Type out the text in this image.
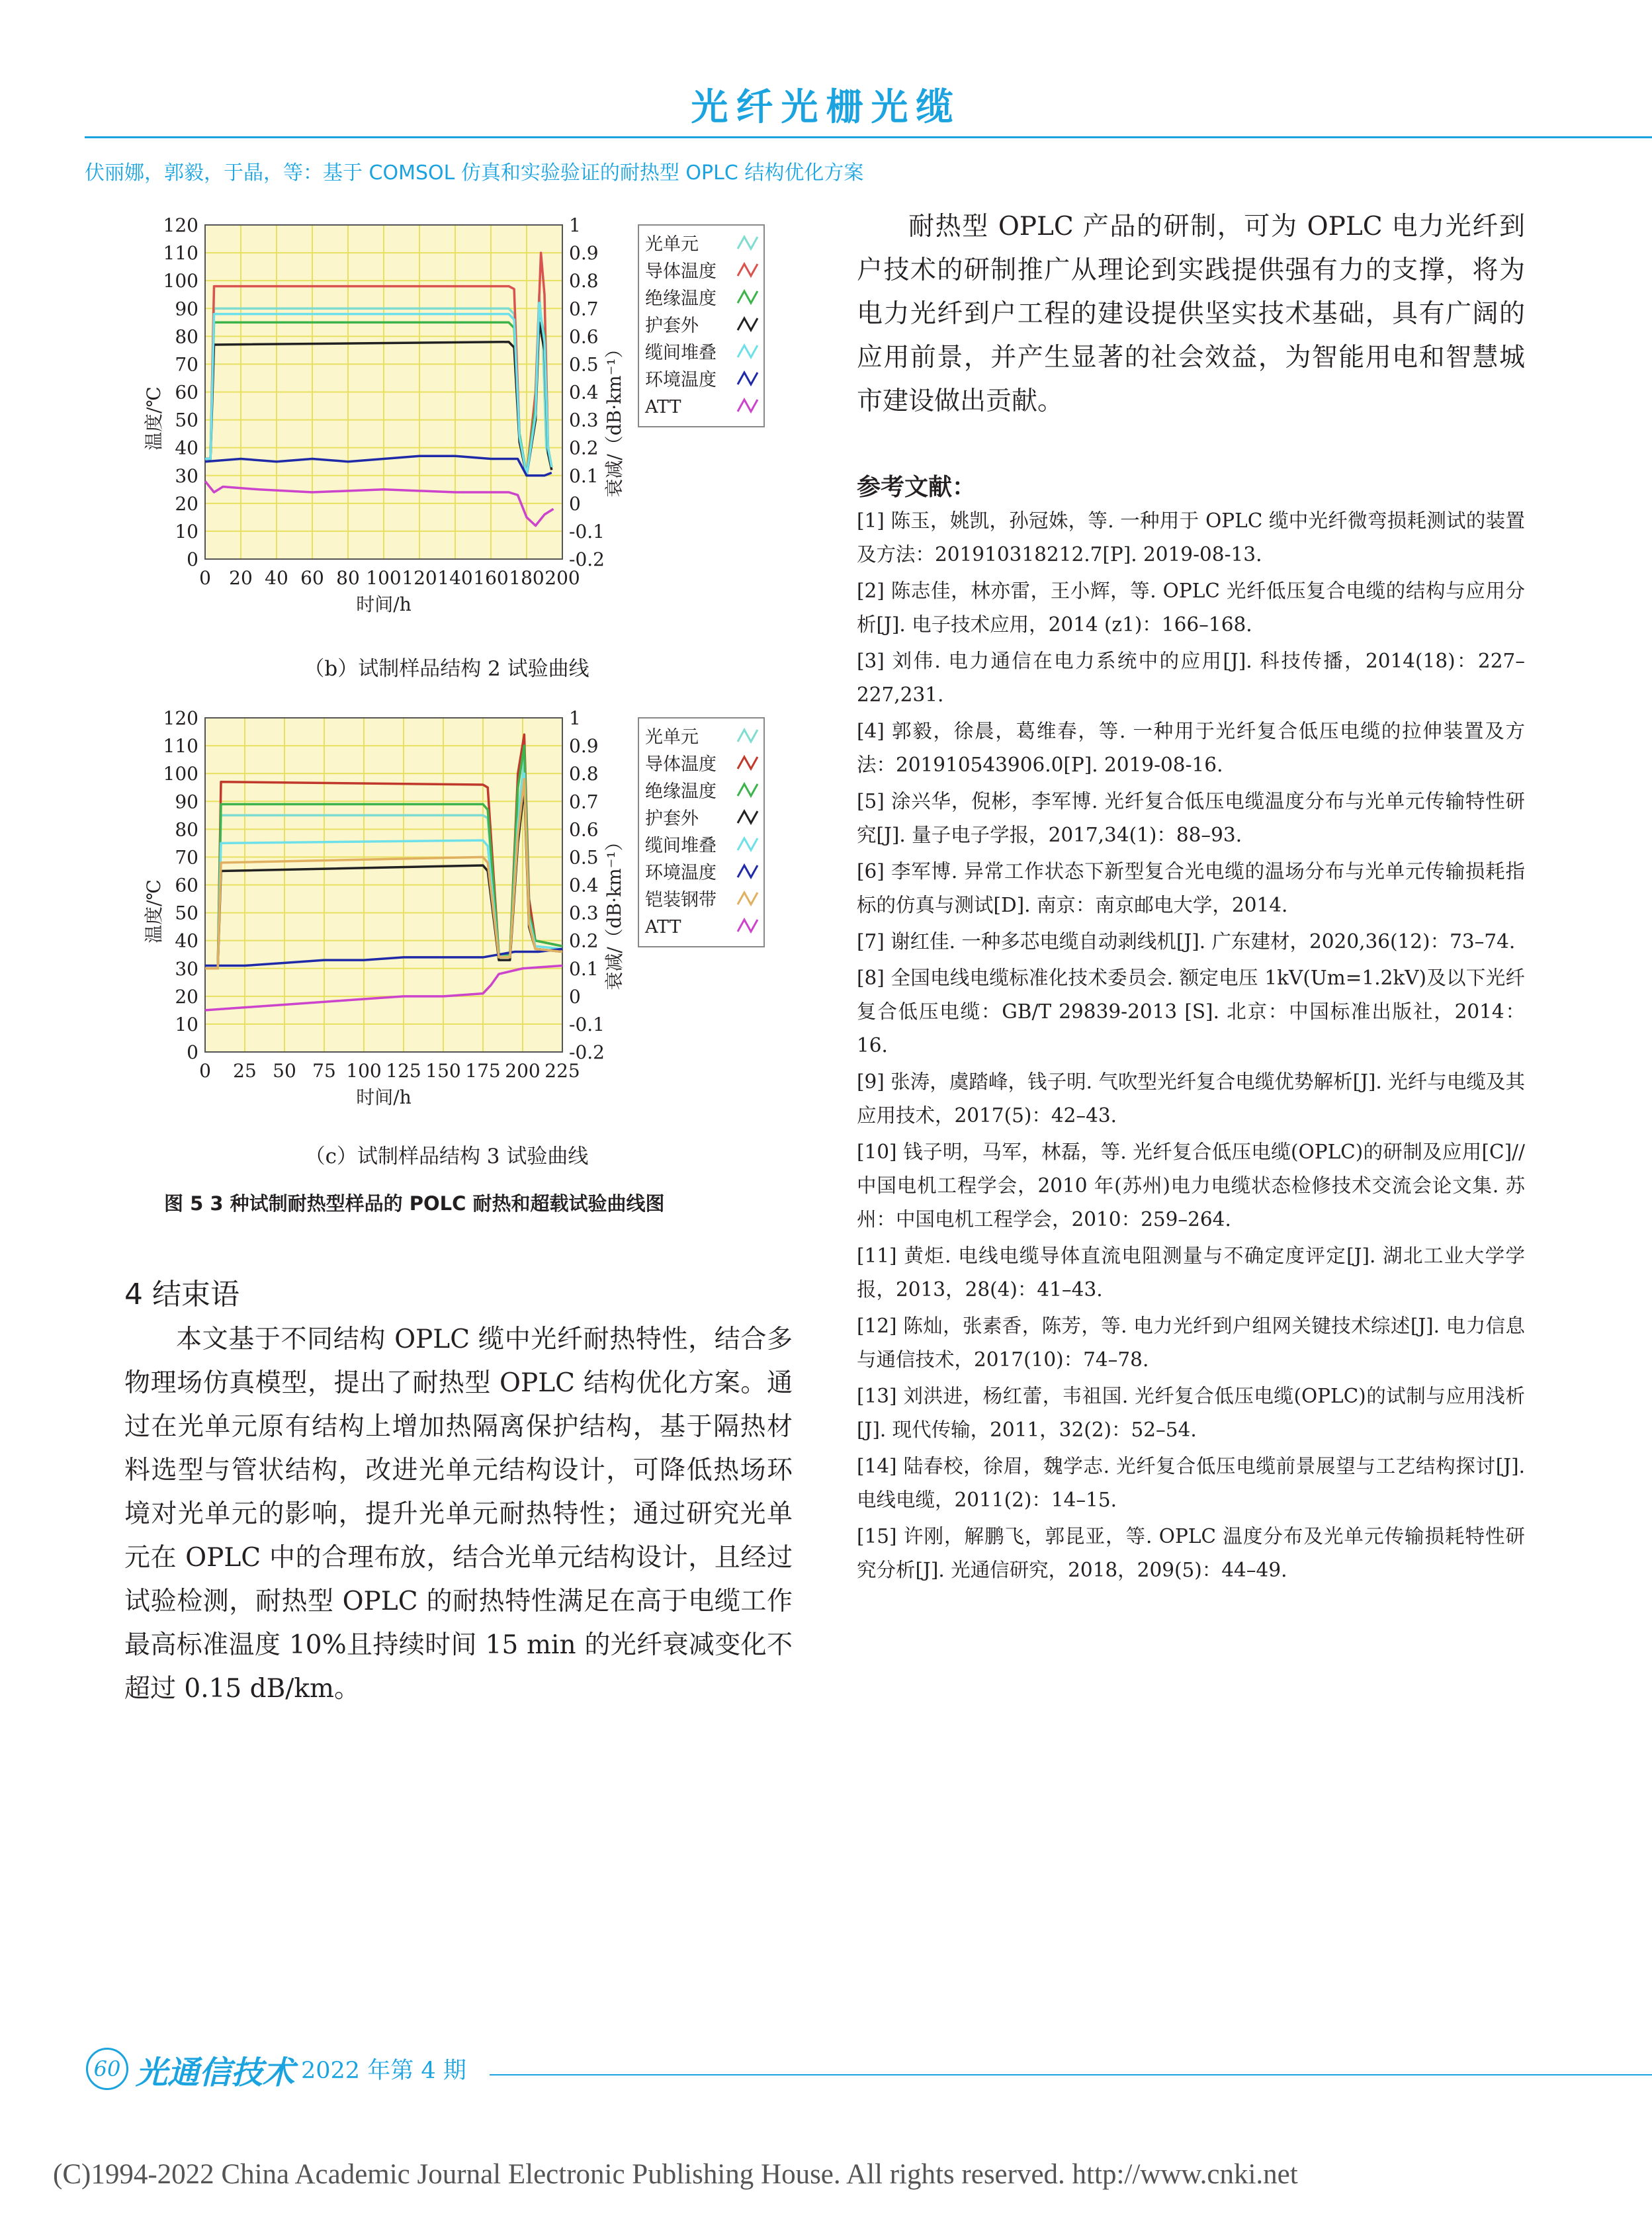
光纤光栅光缆
伏丽娜，郭毅，于晶，等：基于 COMSOL 仿真和实验验证的耐热型 OPLC 结构优化方案
0
10
20
30
40
50
60
70
80
90
100
110
120	1
0.9
0.8
0.7
0.6
0.5
0.4
0.3
0.2
0.1
0
-0.1
-0.2
0 20 40 60 80 100 120 140 160 180 200
时间/h
温度/℃	衰减/（dB·km⁻¹）
光单元
导体温度
绝缘温度
护套外
缆间堆叠
环境温度
ATT
（b）试制样品结构 2 试验曲线
0
10
20
30
40
50
60
70
80
90
100
110
120	1
0.9
0.8
0.7
0.6
0.5
0.4
0.3
0.2
0.1
0
-0.1
-0.2
0 25 50 75 100 125 150 175 200 225
时间/h
温度/℃	衰减/（dB·km⁻¹）
光单元
导体温度
绝缘温度
护套外
缆间堆叠
环境温度
铠装钢带
ATT
（c）试制样品结构 3 试验曲线
图 5 3 种试制耐热型样品的 POLC 耐热和超载试验曲线图
4 结束语

本文基于不同结构 OPLC 缆中光纤耐热特性，结合多物理场仿真模型，提出了耐热型 OPLC 结构优化方案。通过在光单元原有结构上增加热隔离保护结构，基于隔热材料选型与管状结构，改进光单元结构设计，可降低热场环境对光单元的影响，提升光单元耐热特性；通过研究光单元在 OPLC 中的合理布放，结合光单元结构设计，且经过试验检测，耐热型 OPLC 的耐热特性满足在高于电缆工作最高标准温度 10%且持续时间 15 min 的光纤衰减变化不超过 0.15 dB/km。

耐热型 OPLC 产品的研制，可为 OPLC 电力光纤到户技术的研制推广从理论到实践提供强有力的支撑，将为电力光纤到户工程的建设提供坚实技术基础，具有广阔的应用前景，并产生显著的社会效益，为智能用电和智慧城市建设做出贡献。

参考文献：
[1] 陈玉，姚凯，孙冠姝，等. 一种用于 OPLC 缆中光纤微弯损耗测试的装置及方法：201910318212.7[P]. 2019-08-13.
[2] 陈志佳，林亦雷，王小辉，等. OPLC 光纤低压复合电缆的结构与应用分析[J]. 电子技术应用，2014 (z1)：166–168.
[3] 刘伟. 电力通信在电力系统中的应用[J]. 科技传播，2014(18)：227–227,231.
[4] 郭毅，徐晨，葛维春，等. 一种用于光纤复合低压电缆的拉伸装置及方法：201910543906.0[P]. 2019-08-16.
[5] 涂兴华，倪彬，李军博. 光纤复合低压电缆温度分布与光单元传输特性研究[J]. 量子电子学报，2017,34(1)：88–93.
[6] 李军博. 异常工作状态下新型复合光电缆的温场分布与光单元传输损耗指标的仿真与测试[D]. 南京：南京邮电大学，2014.
[7] 谢红佳. 一种多芯电缆自动剥线机[J]. 广东建材，2020,36(12)：73–74.
[8] 全国电线电缆标准化技术委员会. 额定电压 1kV(Um=1.2kV)及以下光纤复合低压电缆：GB/T 29839-2013 [S]. 北京：中国标准出版社，2014：16.
[9] 张涛，虞踏峰，钱子明. 气吹型光纤复合电缆优势解析[J]. 光纤与电缆及其应用技术，2017(5)：42–43.
[10] 钱子明，马军，林磊，等. 光纤复合低压电缆(OPLC)的研制及应用[C]// 中国电机工程学会，2010 年(苏州)电力电缆状态检修技术交流会论文集. 苏州：中国电机工程学会，2010：259–264.
[11] 黄炬. 电线电缆导体直流电阻测量与不确定度评定[J]. 湖北工业大学学报，2013，28(4)：41–43.
[12] 陈灿，张素香，陈芳，等. 电力光纤到户组网关键技术综述[J]. 电力信息与通信技术，2017(10)：74–78.
[13] 刘洪进，杨红蕾，韦祖国. 光纤复合低压电缆(OPLC)的试制与应用浅析[J]. 现代传输，2011，32(2)：52–54.
[14] 陆春校，徐眉，魏学志. 光纤复合低压电缆前景展望与工艺结构探讨[J]. 电线电缆，2011(2)：14–15.
[15] 许刚，解鹏飞，郭昆亚，等. OPLC 温度分布及光单元传输损耗特性研究分析[J]. 光通信研究，2018，209(5)：44–49.
60 光通信技术 2022 年第 4 期
(C)1994-2022 China Academic Journal Electronic Publishing House. All rights reserved. http://www.cnki.net
